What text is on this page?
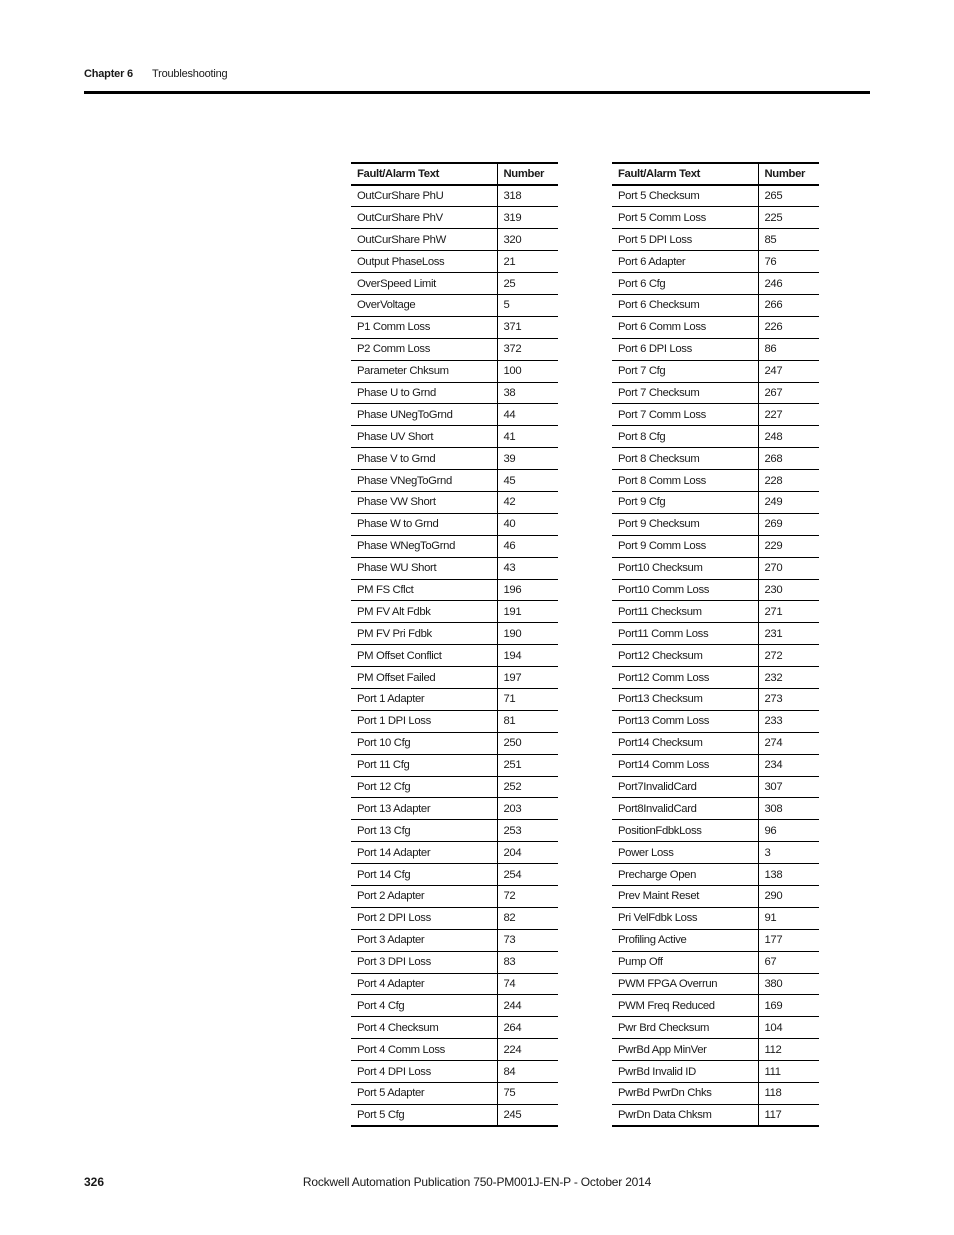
Chapter 6 Troubleshooting
Fault/Alarm Text	Number
OutCurShare PhU	318
OutCurShare PhV	319
OutCurShare PhW	320
Output PhaseLoss	21
OverSpeed Limit	25
OverVoltage	5
P1 Comm Loss	371
P2 Comm Loss	372
Parameter Chksum	100
Phase U to Grnd	38
Phase UNegToGrnd	44
Phase UV Short	41
Phase V to Grnd	39
Phase VNegToGrnd	45
Phase VW Short	42
Phase W to Grnd	40
Phase WNegToGrnd	46
Phase WU Short	43
PM FS Cflct	196
PM FV Alt Fdbk	191
PM FV Pri Fdbk	190
PM Offset Conflict	194
PM Offset Failed	197
Port 1 Adapter	71
Port 1 DPI Loss	81
Port 10 Cfg	250
Port 11 Cfg	251
Port 12 Cfg	252
Port 13 Adapter	203
Port 13 Cfg	253
Port 14 Adapter	204
Port 14 Cfg	254
Port 2 Adapter	72
Port 2 DPI Loss	82
Port 3 Adapter	73
Port 3 DPI Loss	83
Port 4 Adapter	74
Port 4 Cfg	244
Port 4 Checksum	264
Port 4 Comm Loss	224
Port 4 DPI Loss	84
Port 5 Adapter	75
Port 5 Cfg	245
Fault/Alarm Text	Number
Port 5 Checksum	265
Port 5 Comm Loss	225
Port 5 DPI Loss	85
Port 6 Adapter	76
Port 6 Cfg	246
Port 6 Checksum	266
Port 6 Comm Loss	226
Port 6 DPI Loss	86
Port 7 Cfg	247
Port 7 Checksum	267
Port 7 Comm Loss	227
Port 8 Cfg	248
Port 8 Checksum	268
Port 8 Comm Loss	228
Port 9 Cfg	249
Port 9 Checksum	269
Port 9 Comm Loss	229
Port10 Checksum	270
Port10 Comm Loss	230
Port11 Checksum	271
Port11 Comm Loss	231
Port12 Checksum	272
Port12 Comm Loss	232
Port13 Checksum	273
Port13 Comm Loss	233
Port14 Checksum	274
Port14 Comm Loss	234
Port7InvalidCard	307
Port8InvalidCard	308
PositionFdbkLoss	96
Power Loss	3
Precharge Open	138
Prev Maint Reset	290
Pri VelFdbk Loss	91
Profiling Active	177
Pump Off	67
PWM FPGA Overrun	380
PWM Freq Reduced	169
Pwr Brd Checksum	104
PwrBd App MinVer	112
PwrBd Invalid ID	111
PwrBd PwrDn Chks	118
PwrDn Data Chksm	117
326	Rockwell Automation Publication 750-PM001J-EN-P - October 2014
